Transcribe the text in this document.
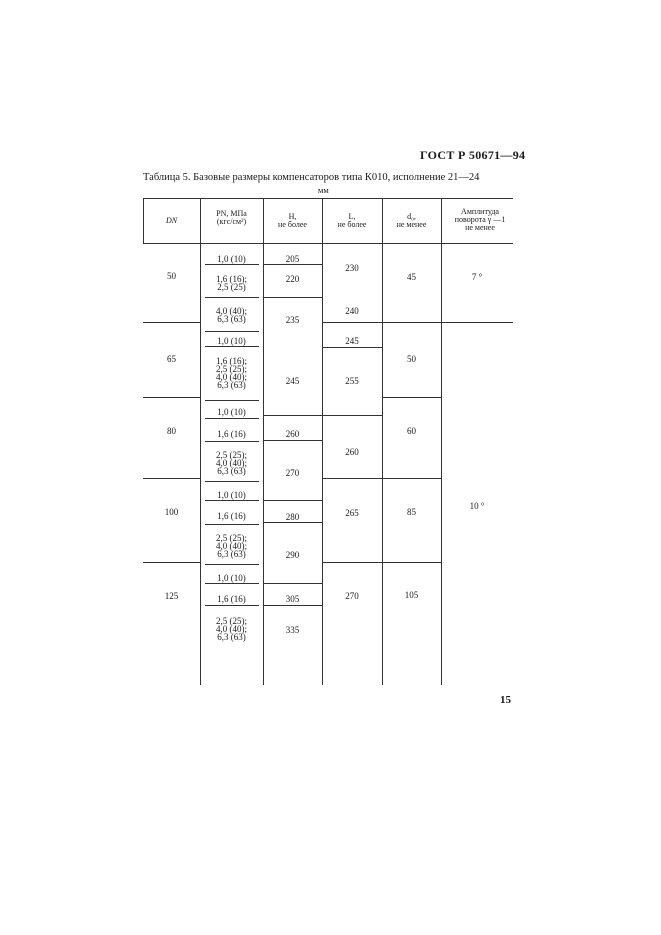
ГОСТ Р 50671—94
Таблица 5. Базовые размеры компенсаторов типа К010, исполнение 21—24
мм
DN
PN, МПа
(кгс/см²)
H,
не более
L,
не более
d₀,
не менее
Амплитуда
поворота γ —1
не менее
50
65
80
100
125
1,0 (10)
1,6 (16);
2,5 (25)
4,0 (40);
6,3 (63)
1,0 (10)
1,6 (16);
2,5 (25);
4,0 (40);
6,3 (63)
1,0 (10)
1,6 (16)
2,5 (25);
4,0 (40);
6,3 (63)
1,0 (10)
1,6 (16)
2,5 (25);
4,0 (40);
6,3 (63)
1,0 (10)
1,6 (16)
2,5 (25);
4,0 (40);
6,3 (63)
205
220
235
245
260
270
280
290
305
335
230
240
245
255
260
265
270
45
50
60
85
105
7 °
10 °
15
